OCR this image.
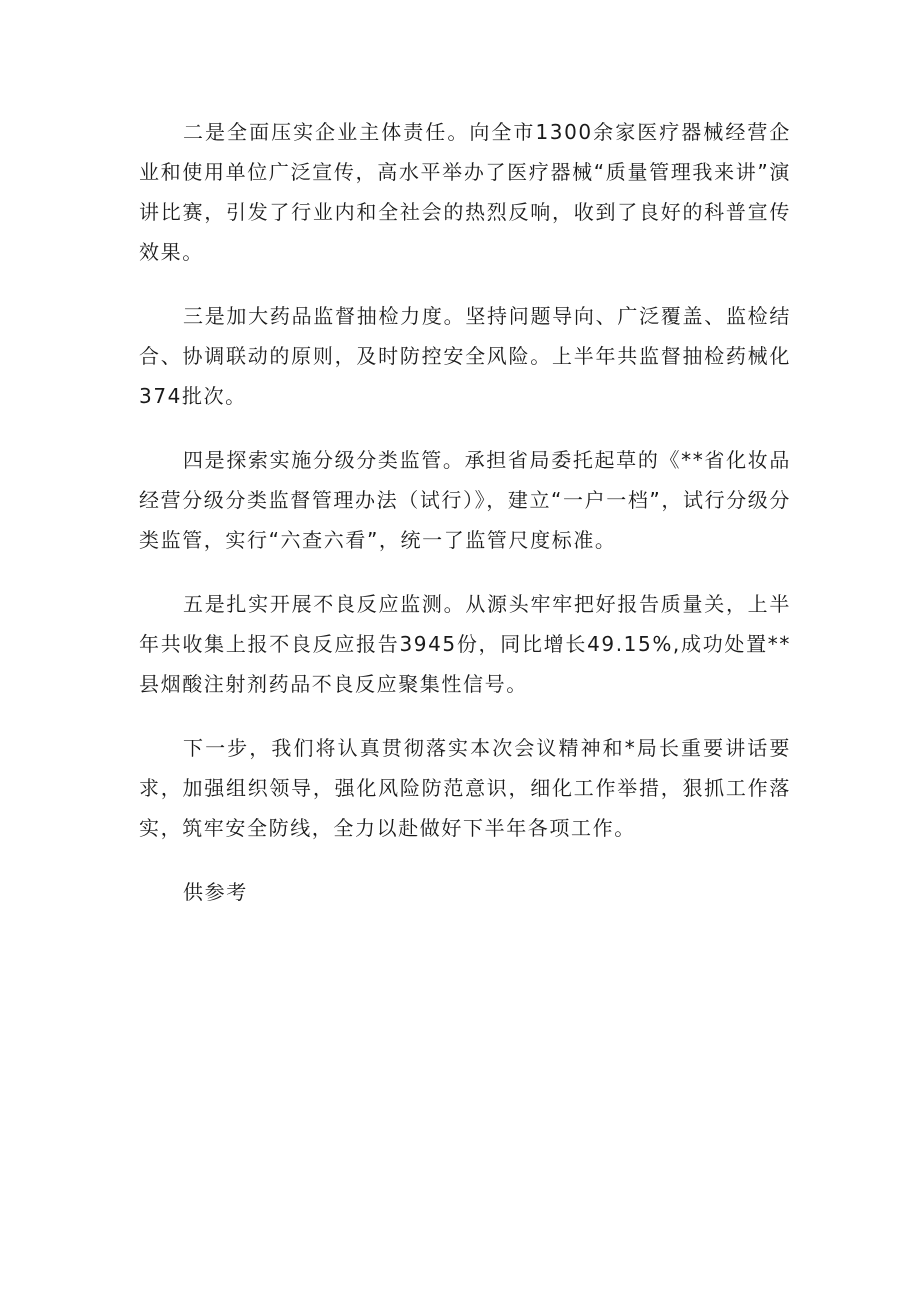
二是全面压实企业主体责任。向全市1300余家医疗器械经营企业和使用单位广泛宣传，高水平举办了医疗器械“质量管理我来讲”演讲比赛，引发了行业内和全社会的热烈反响，收到了良好的科普宣传效果。

三是加大药品监督抽检力度。坚持问题导向、广泛覆盖、监检结合、协调联动的原则，及时防控安全风险。上半年共监督抽检药械化374批次。

四是探索实施分级分类监管。承担省局委托起草的《**省化妆品经营分级分类监督管理办法（试行）》，建立“一户一档”，试行分级分类监管，实行“六查六看”，统一了监管尺度标准。

五是扎实开展不良反应监测。从源头牢牢把好报告质量关，上半年共收集上报不良反应报告3945份，同比增长49.15%,成功处置**县烟酸注射剂药品不良反应聚集性信号。

下一步，我们将认真贯彻落实本次会议精神和*局长重要讲话要求，加强组织领导，强化风险防范意识，细化工作举措，狠抓工作落实，筑牢安全防线，全力以赴做好下半年各项工作。

供参考
